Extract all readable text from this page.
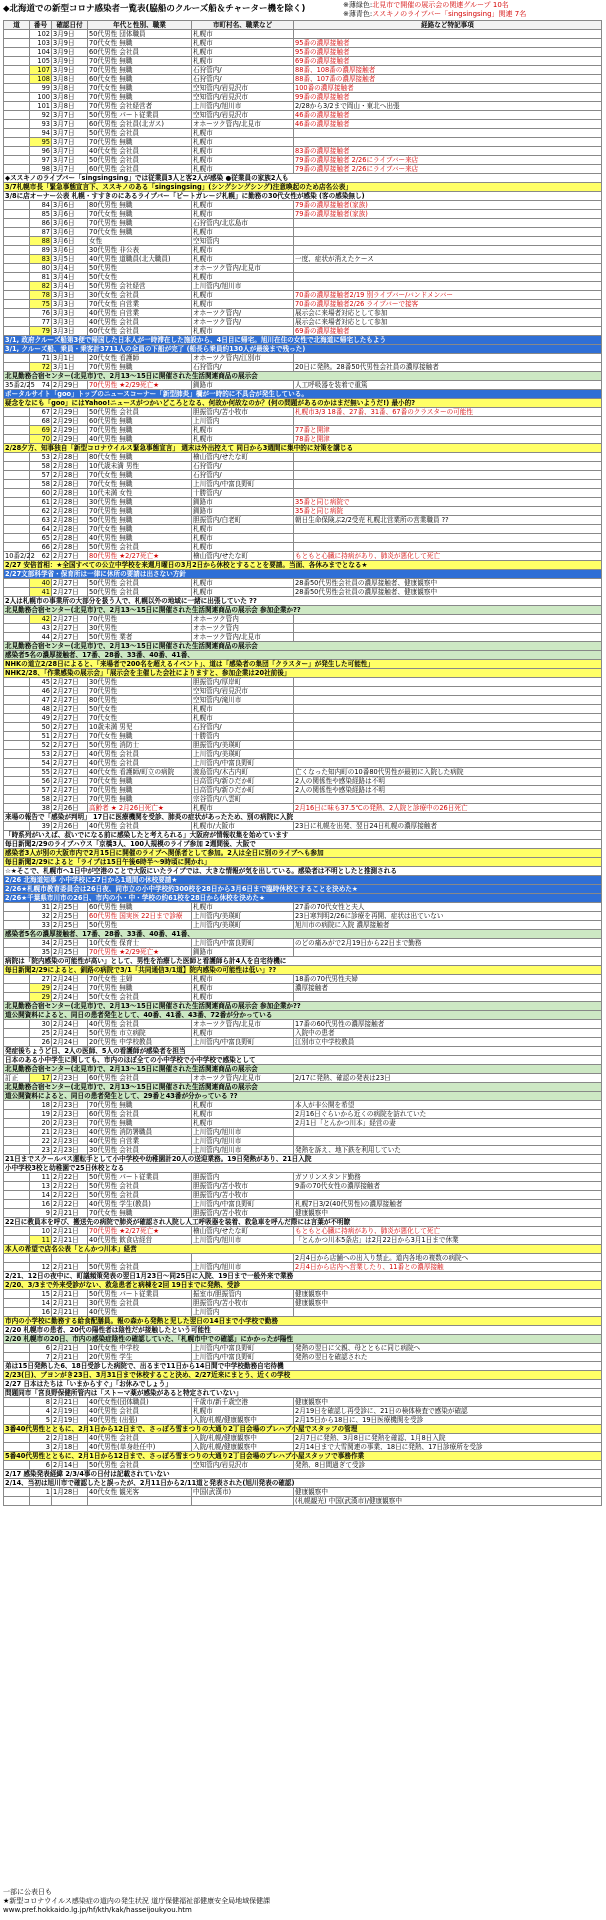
◆北海道での新型コロナ感染者一覧表(脇船のクルーズ船＆チャーター機を除く)	※薄緑色:北見市で開催の展示会の関連グループ 10名
※薄青色:ススキノのライブバー「singsingsing」関連 7名
道	番号	確認日付	年代と性別、職業	市町村名、職業など	経路など特記事項
	102	3月9日	50代男性 団体職員	札幌市	
	103	3月9日	70代女性 無職	札幌市	95番の濃厚接触者
	104	3月9日	60代男性 会社員	札幌市	95番の濃厚接触者
	105	3月9日	70代男性 無職	札幌市	69番の濃厚接触者
	107	3月9日	70代男性 無職	石狩管内/	88番、108番の濃厚接触者
	108	3月8日	60代女性 無職	石狩管内/	88番、107番の濃厚接触者
	99	3月8日	70代女性 無職	空知管内/岩見沢市	100番の濃厚接触者
	100	3月8日	70代男性 無職	空知管内/岩見沢市	99番の濃厚接触者
	101	3月8日	70代男性 会社経営者	上川管内/旭川市	2/28から3/2まで岡山・東北へ出張
	92	3月7日	50代男性 パート従業員	空知管内/岩見沢市	46番の濃厚接触者
	93	3月7日	60代男性 会社員(北ガス)	オホーツク管内/北見市	46番の濃厚接触者
	94	3月7日	50代男性 会社員	札幌市	
	95	3月7日	70代男性 無職	札幌市	
	96	3月7日	40代女性 会社員	札幌市	83番の濃厚接触者
	97	3月7日	50代男性 会社員	札幌市	79番の濃厚接触者 2/26にライブバー来店
	98	3月7日	60代男性 会社員	札幌市	79番の濃厚接触者 2/26にライブバー来店
◆ススキノのライブバー「singsingsing」では従業員3人と客2人が感染 ●従業員の家族2人も					
3/7札幌市長「緊急事態宣言下、ススキノのある「singsingsing」(シングシングシング)注意喚起のため店名公表」					
3/8に店オーナー公表 札幌・すすきのにあるライブバー「ピートガレージ札幌」に勤務の30代女性が感染 (客の感染無し)					
	84	3月6日	80代男性 無職	札幌市	79番の濃厚接触者(家族)
	85	3月6日	70代女性 無職	札幌市	79番の濃厚接触者(家族)
	86	3月6日	70代男性 無職	石狩管内/北広島市	
	87	3月6日	70代女性 無職	札幌市	
	88	3月6日	女性	空知管内	
	89	3月6日	30代男性 非公表	札幌市	
	83	3月5日	40代男性 道職員(北大職員)	札幌市	一度、症状が消えたケース
	80	3月4日	50代男性	オホーツク管内/北見市	
	81	3月4日	50代女性	札幌市	
	82	3月4日	50代男性 会社経営	上川管内/旭川市	
	78	3月3日	30代女性 会社員	札幌市	70番の濃厚接触者2/19 別ライブバー/バンドメンバー
	75	3月3日	70代女性 自営業	札幌市	70番の濃厚接触者2/26 ライブバーで接客
	76	3月3日	40代男性 自営業	オホーツク管内/	展示会に来場者対応として参加
	77	3月3日	40代男性 会社員	オホーツク管内/	展示会に来場者対応として参加
	79	3月3日	60代女性 会社員	札幌市	69番の濃厚接触者
3/1, 政府クルーズ船第3便で帰国した日本人が一時滞在した施設から、4日目に帰宅。旭川在住の女性で北海道に帰宅したもよう					
3/1, クルーズ船、乗員・乗客計3711人の全員の下船が完了 (船長ら乗員約130人が最後まで残った)					
	71	3月1日	20代女性 看護師	オホーツク管内/江別市	
	72	3月1日	70代男性 無職	石狩管内/	20日に発熱。28番50代男性会社員の濃厚接触者
北見勤務合宿センター(北見市)で、2月13〜15日に開催された生活関連商品の展示会					
35番2/25	74	2月29日	70代男性 ★2/29死亡★	釧路市	人工呼吸器を装着で重篤
ポータルサイト「goo」トップのニュースコーナー「新型肺炎」欄が一時的に不具合が発生している。					
疑念をなにも「goo」にはYahoo!ニュースがつかいどころとなる、何故か何故なのか？(何の問題があるのかはまだ無いようだ!) 最小的?					
	67	2月29日	50代男性 会社員	胆振管内/苫小牧市	札幌市3/3 18番、27番、31番、67番のクラスターの可能性
	68	2月29日	60代男性 無職	上川管内	
	69	2月29日	70代男性 無職	札幌市	77番と開津
	70	2月29日	40代男性 無職	札幌市	78番と開津
2/28夕方、知事独自「新型コロナウイルス緊急事態宣言」 週末は外出控えて 同日から3週間に集中的に対策を講じる					
	53	2月28日	80代女性 無職	檜山管内/せたな町	
	58	2月28日	10代歳未満 男性	石狩管内/	
	57	2月28日	70代女性 無職	石狩管内/	
	58	2月28日	70代女性 無職	上川管内/中富良野町	
	60	2月28日	10代未満 女性	十勝管内/	
	61	2月28日	30代男性 無職	釧路市	35番と同じ病院で
	62	2月28日	70代男性 無職	釧路市	35番と同じ病院
	63	2月28日	50代男性 無職	胆振管内/白老町	朝日生命保険ぶ2/2受売 札幌北営業所の営業職員 ??
	64	2月28日	70代女性 無職	札幌市	
	65	2月28日	40代男性 無職	札幌市	
	66	2月28日	50代男性 会社員	札幌市	
10番2/22	62	2月27日	80代男性 ★2/27死亡★	檜山管内/せたな町	もともと心臓に持病があり、肺炎が悪化して死亡
2/27 安倍首相：★全国すべての公立中学校を来週月曜日の3月2日から休校とすることを要請。当面、各休みまでとなる★					
2/27文部科学省・保育所は一律に休所の要請は出さない方針					
	40	2月27日	50代男性 会社員	札幌市	28番50代男性会社員の濃厚接触者、健康観察中
	41	2月27日	50代男性 会社員	札幌市	28番50代男性会社員の濃厚接触者、健康観察中
2人は札幌市の事業所の大部分を扱う人で、札幌以外の地域に一緒に出張していた ??					
北見勤務合宿センター(北見市)で、2月13〜15日に開催された生活関連商品の展示会 参加企業か??					
	42	2月27日	70代男性	オホーツク管内	
	43	2月27日	30代男性	オホーツク管内	
	44	2月27日	50代男性 業者	オホーツク管内/北見市	
北見勤務合宿センター(北見市)で、2月13〜15日に開催された生活関連商品の展示会					
感染者5名の濃厚接触者、17番、28番、33番、40番、41番、					
NHKの道立2/28日によると、「来場者で200名を超えるイベント」、道は「感染者の集団「クラスター」が発生した可能性」					
NHK2/28、「作業感染の展示会」「展示会を主催した会社によりますと、参加企業は20社前後」					
	45	2月27日	30代男性	胆振管内/厚岸町	
	46	2月27日	70代男性	空知管内/岩見沢市	
	47	2月27日	80代男性	空知管内/滝川市	
	48	2月27日	50代女性	札幌市	
	49	2月27日	70代女性	札幌市	
	50	2月27日	10歳未満 男児	石狩管内/	
	51	2月27日	70代女性 無職	十勝管内	
	52	2月27日	50代男性 消防士	胆振管内/美瑛町	
	53	2月27日	40代男性 会社員	上川管内/美瑛町	
	54	2月27日	40代男性 会社員	上川管内/中富良野町	
	55	2月27日	40代女性 看護師/町立の病院	渡島管内/木古内町	亡くなった知内町の10番80代男性が最初に入院した病院
	56	2月27日	70代女性 無職	日高管内/新ひだか町	2人の関係性や感染経路は不明
	57	2月27日	70代男性 無職	日高管内/新ひだか町	2人の関係性や感染経路は不明
	58	2月27日	70代男性 無職	宗谷管内/八雲町	
	38	2月26日	高齢者 ★ 2月26日死亡★	札幌市	2月16日に味も37.5℃の発熱、2人院と診療中の26日死亡
来場の報告で「感染が判明」 17日に医療機関を受診、肺炎の症状があったため、別の病院に入院					
	39	2月26日	40代男性 会社員	札幌市/大阪市	23日に札幌を出発、翌日24日札幌の濃厚接触者
「時系列がいえば、叔いでになる前に感染したと考えられる」大阪府が情報収集を始めています					
毎日新聞2/29のライブハウス「京橋3人、100人規模のライブ参加 2週間後、大阪で					
感染者3人が別の大阪市内で2月15日に開催のライブへ関係者として参加。2人は全日に別のライブへも参加					
毎日新聞2/29によると「ライブは15日午後6時半〜9時頃に開かれ」					
☆★そこで、札幌市へ1日中が空港のことで大阪にいたライブでは、大きな情報が気を出している。感染者は不明としたと推測される					
2/26 北海道知事 小中学校に27日から1週間の休校要請★					
2/26★札幌市教育委員会は26日夜、同市立の小中学校約300校を28日から3月6日まで臨時休校とすることを決めた★					
2/26★千葉県市川市の26日、市内の小・中・学校の約61校を28日から休校を決めた★					
	31	2月25日	60代男性 無職	札幌市	27番の70代女性と夫人
	32	2月25日	60代男性 国実医 22日まで診療	上川管内/美瑛町	23日寒判明2/26に診療を再開、症状は出ていない
	33	2月25日	50代男性	上川管内/美瑛町	旭川市の病院に入院 濃厚接触者
感染者5名の濃厚接触者、17番、28番、33番、40番、41番、					
	34	2月25日	10代女性 保育士	上川管内/中富良野町	のどの痛みがで2月19日から22日まで勤務
	35	2月25日	70代男性 ★2/29死亡★	釧路市	
病院は「院内感染の可能性が高い」として、男性を治療した医師と看護師ら計4人を自宅待機に					
毎日新聞2/29によると、釧路の病院で3/1「共同通信3/1道】院内感染の可能性は低い」??					
	27	2月24日	70代女性 主婦	札幌市	18番の70代男性夫婦
	29	2月24日	70代男性 無職	札幌市	濃厚接触者
	29	2月24日	50代女性 会社員	札幌市	
北見勤務合宿センター(北見市)で、2月13〜15日に開催された生活関連商品の展示会 参加企業か??					
道公開資料によると、同日の患者発生として、40番、41番、43番、72番が分かっている					
	30	2月24日	40代男性 会社員	オホーツク管内/北見市	17番の60代男性の濃厚接触者
	25	2月24日	50代男性 市立病院	札幌市	入院中の患者
	26	2月24日	20代男性 中学校教員	上川管内/中富良野町	江別市立中学校教員
発症後ちょうど日、2人の医師、5人の看護師が感染者を担当					
日本のある小中学生に関しても、市内のほぼ全ての小中学校で小中学校で感染として					
北見勤務合宿センター(北見市)で、2月13〜15日に開催された生活関連商品の展示会					
訂正	17	2月23日	60代男性 会社員	オホーツク管内/北見市	2/17に発熱、確認の発表は23日
北見勤務合宿センター(北見市)で、2月13〜15日に開催された生活関連商品の展示会					
道公開資料によると、同日の患者発生として、29番と43番が分かっている ??					
	18	2月23日	70代男性 無職	札幌市	本人が非公開を希望
	19	2月23日	60代男性 会社員	札幌市	2月16日ぐらいから近くの病院を訪れていた
	20	2月23日	70代男性 無職	札幌市	2月1日「とんかつ川本」経営の妻
	21	2月23日	40代男性 消防署職員	上川管内/旭川市	
	22	2月23日	40代男性 自営業	上川管内/旭川市	
	23	2月23日	30代男性 会社員	上川管内/旭川市	発熱を訴え、地下鉄を利用していた
21日までスクールバス運転手として小中学校や幼稚園計20人の送迎業務。19日発熱があり、21日入院					
小中学校3校と幼稚園で25日休校となる					
	11	2月22日	50代男性 パート従業員	胆振管内	ガソリンスタンド勤務
	13	2月22日	50代男性 会社員	胆振管内/苫小牧市	9番の70代女性の濃厚接触者
	14	2月22日	50代男性 会社員	胆振管内/苫小牧市	
	16	2月22日	40代男性 学生(教員)	上川管内/中富良野町	札幌7日3/2(40代男性)の濃厚接触者
	9	2月21日	70代女性 無職	胆振管内/苫小牧市	健康観察中
22日に教員本を呼び、搬送先の病院で肺炎が確認され人院し人工呼吸器を装着、救急車を呼んだ際には言葉が不明瞭					
	10	2月21日	70代男性 ★2/27死亡★	檜山管内/せたな町	もともと心臓に持病があり、肺炎が悪化して死亡
	11	2月21日	40代男性 飲食店経営	上川管内/旭川市	「とんかつ川本5条店」は2月22日から3月1日まで休業
本人の希望で店名公表「とんかつ川本」経営					
					2月4日から店舗への出入り禁止。道内各地の複数の病院へ
	12	2月21日	50代男性 会社員	上川管内/旭川市	2月4日から店内へ営業したり、11番との濃厚接触
2/21、12日の夜中に、町議頻策発表の翌日1月23日〜同25日に入院、19日まで一般外来で業務					
2/20、3/3まで外来受診がない、救急患者と病棟を2回 19日までに発熱、受診					
	15	2月21日	50代男性 パート従業員	振室市/胆振管内	健康観察中
	14	2月21日	30代男性 会社員	胆振管内/苫小牧市	健康観察中
	16	2月21日	40代男性	上川管内	
市内の小学校に勤務する給食配膳員。報の森から発熱と児した翌日の14日まで小学校で勤務					
2/20 札幌市の患者、20代の陽性者は陰性だが接触したという可能性					
2/20 札幌市の20日、市内の感染症陰性の確認していた、「札幌市中での確認」にかかったが陽性					
	6	2月21日	10代女性 中学校	上川管内/中富良野町	発熱の翌日に父親、母とともに同じ病院へ
	7	2月21日	20代男性 学生	上川管内/中富良野町	発熱の翌日を確認された
弟は15日発熱した6、18日受診した病院で、出るまで11日から14日間で中学校勤務自宅待機					
2/23(日)、ブヨンがき23日、3月31日まで休校すること決め、2/27近来にまとう、近くの学校					
2/27 日本はたちは「いまからすぐ」「お休みでしょう」					
問題同市「宮良野保健所管内は「ストーマ薬が感染があると特定されていない」					
	8	2月21日	40代女性(団体職員)	千歳市/新千歳空港	健康観察中
	4	2月19日	40代男性 会社員	札幌市	2月19日を確認し再受診に、21日の検体検査で感染が確認
	5	2月19日	40代男性 (出張)	入院/札幌/健康観察中	2月15日から18日に、19日医療機関を受診
3番40代男性とともに、2月1日から12日まで、さっぽろ雪まつりの大通り2丁目会場のブレハブ小屋でスタッフの管理					
	2	2月18日	40代男性 会社員	入院/札幌/健康観察中	2月7日に発熱、3月8日に発熱を確認、1月8日入院
	3	2月18日	40代男性(単身赴任中)	入院/札幌/健康観察中	2月14日まで大雪関連の事業、18日に発熱、17日診療所を受診
5番40代男性とともに、2月1日から12日まで、さっぽろ雪まつりの大通り2丁目会場のブレハブ小屋スタッフで事務作業					
	6	2月14日	50代男性 会社員	空知管内/岩見沢市	発熱、8日間過ぎて受診
2/17 感染発表経緯 2/3/4事の日付は記載されていない					
2/14、当初は旭川市で確認したと誤ったが、2月11日から2/11道と発表された(旭川発表の確認)					
	1	1月28日	40代女性 観光客	中国(武漢市)	健康観察中
					(札幌観光) 中国(武漢市)/健康観察中
一部に公表日も
★新型コロナウイルス感染症の道内の発生状況 道庁保健福祉部健康安全局地域保健課
www.pref.hokkaido.lg.jp/hf/kth/kak/hasseijoukyou.htm
